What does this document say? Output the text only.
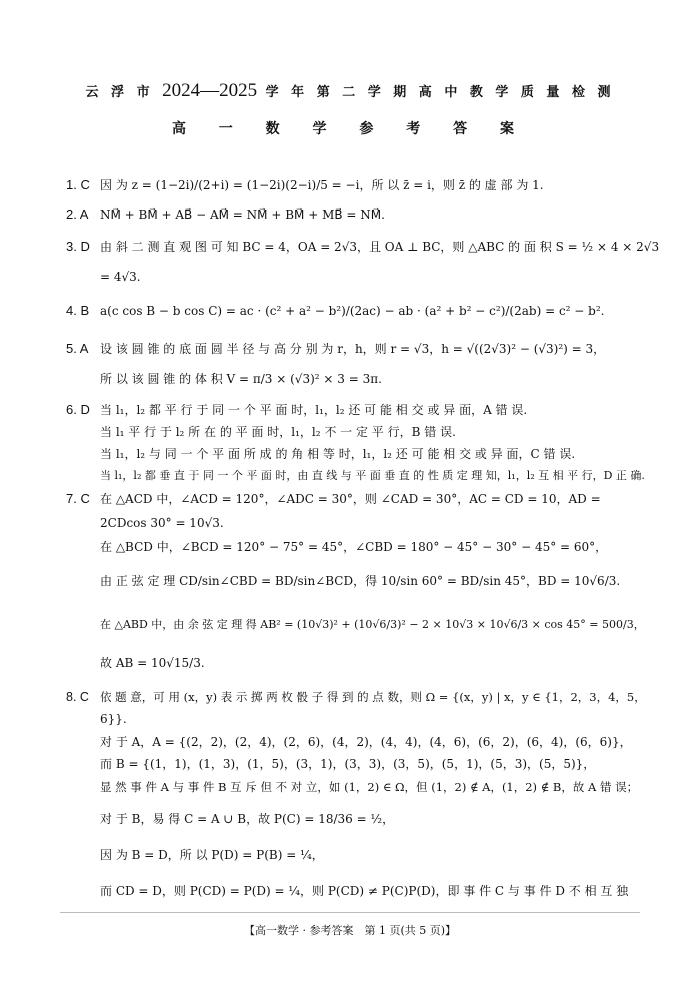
云 浮 市 2024—2025 学 年 第 二 学 期 高 中 教 学 质 量 检 测
高 一 数 学 参 考 答 案
1. C 因 为 z = (1−2i)/(2+i) = (1−2i)(2−i)/5 = −i，所 以 z̄ = i，则 z̄ 的 虚 部 为 1.
2. A NM⃗ + BM⃗ + AB⃗ − AM⃗ = NM⃗ + BM⃗ + MB⃗ = NM⃗.
3. D 由 斜 二 测 直 观 图 可 知 BC = 4，OA = 2√3，且 OA ⊥ BC，则 △ABC 的 面 积 S = ½ × 4 × 2√3
= 4√3.
4. B a(c cos B − b cos C) = ac · (c² + a² − b²)/(2ac) − ab · (a² + b² − c²)/(2ab) = c² − b².
5. A 设 该 圆 锥 的 底 面 圆 半 径 与 高 分 别 为 r，h，则 r = √3，h = √((2√3)² − (√3)²) = 3，
所 以 该 圆 锥 的 体 积 V = π/3 × (√3)² × 3 = 3π.
6. D 当 l₁，l₂ 都 平 行 于 同 一 个 平 面 时，l₁，l₂ 还 可 能 相 交 或 异 面，A 错 误.
当 l₁ 平 行 于 l₂ 所 在 的 平 面 时，l₁，l₂ 不 一 定 平 行，B 错 误.
当 l₁，l₂ 与 同 一 个 平 面 所 成 的 角 相 等 时，l₁，l₂ 还 可 能 相 交 或 异 面，C 错 误.
当 l₁，l₂ 都 垂 直 于 同 一 个 平 面 时，由 直 线 与 平 面 垂 直 的 性 质 定 理 知，l₁，l₂ 互 相 平 行，D 正 确.
7. C 在 △ACD 中，∠ACD = 120°，∠ADC = 30°，则 ∠CAD = 30°，AC = CD = 10，AD =
2CDcos 30° = 10√3.
在 △BCD 中，∠BCD = 120° − 75° = 45°，∠CBD = 180° − 45° − 30° − 45° = 60°，
由 正 弦 定 理 CD/sin∠CBD = BD/sin∠BCD，得 10/sin 60° = BD/sin 45°，BD = 10√6/3.
在 △ABD 中，由 余 弦 定 理 得 AB² = (10√3)² + (10√6/3)² − 2 × 10√3 × 10√6/3 × cos 45° = 500/3，
故 AB = 10√15/3.
8. C 依 题 意，可 用 (x，y) 表 示 掷 两 枚 骰 子 得 到 的 点 数，则 Ω = {(x，y) | x，y ∈ {1，2，3，4，5，
6}}.
对 于 A，A = {(2，2)，(2，4)，(2，6)，(4，2)，(4，4)，(4，6)，(6，2)，(6，4)，(6，6)}，
而 B = {(1，1)，(1，3)，(1，5)，(3，1)，(3，3)，(3，5)，(5，1)，(5，3)，(5，5)}，
显 然 事 件 A 与 事 件 B 互 斥 但 不 对 立，如 (1，2) ∈ Ω，但 (1，2) ∉ A，(1，2) ∉ B，故 A 错 误；
对 于 B，易 得 C = A ∪ B，故 P(C) = 18/36 = ½，
因 为 B = D，所 以 P(D) = P(B) = ¼，
而 CD = D，则 P(CD) = P(D) = ¼，则 P(CD) ≠ P(C)P(D)，即 事 件 C 与 事 件 D 不 相 互 独
【高一数学 · 参考答案　第 1 页(共 5 页)】
